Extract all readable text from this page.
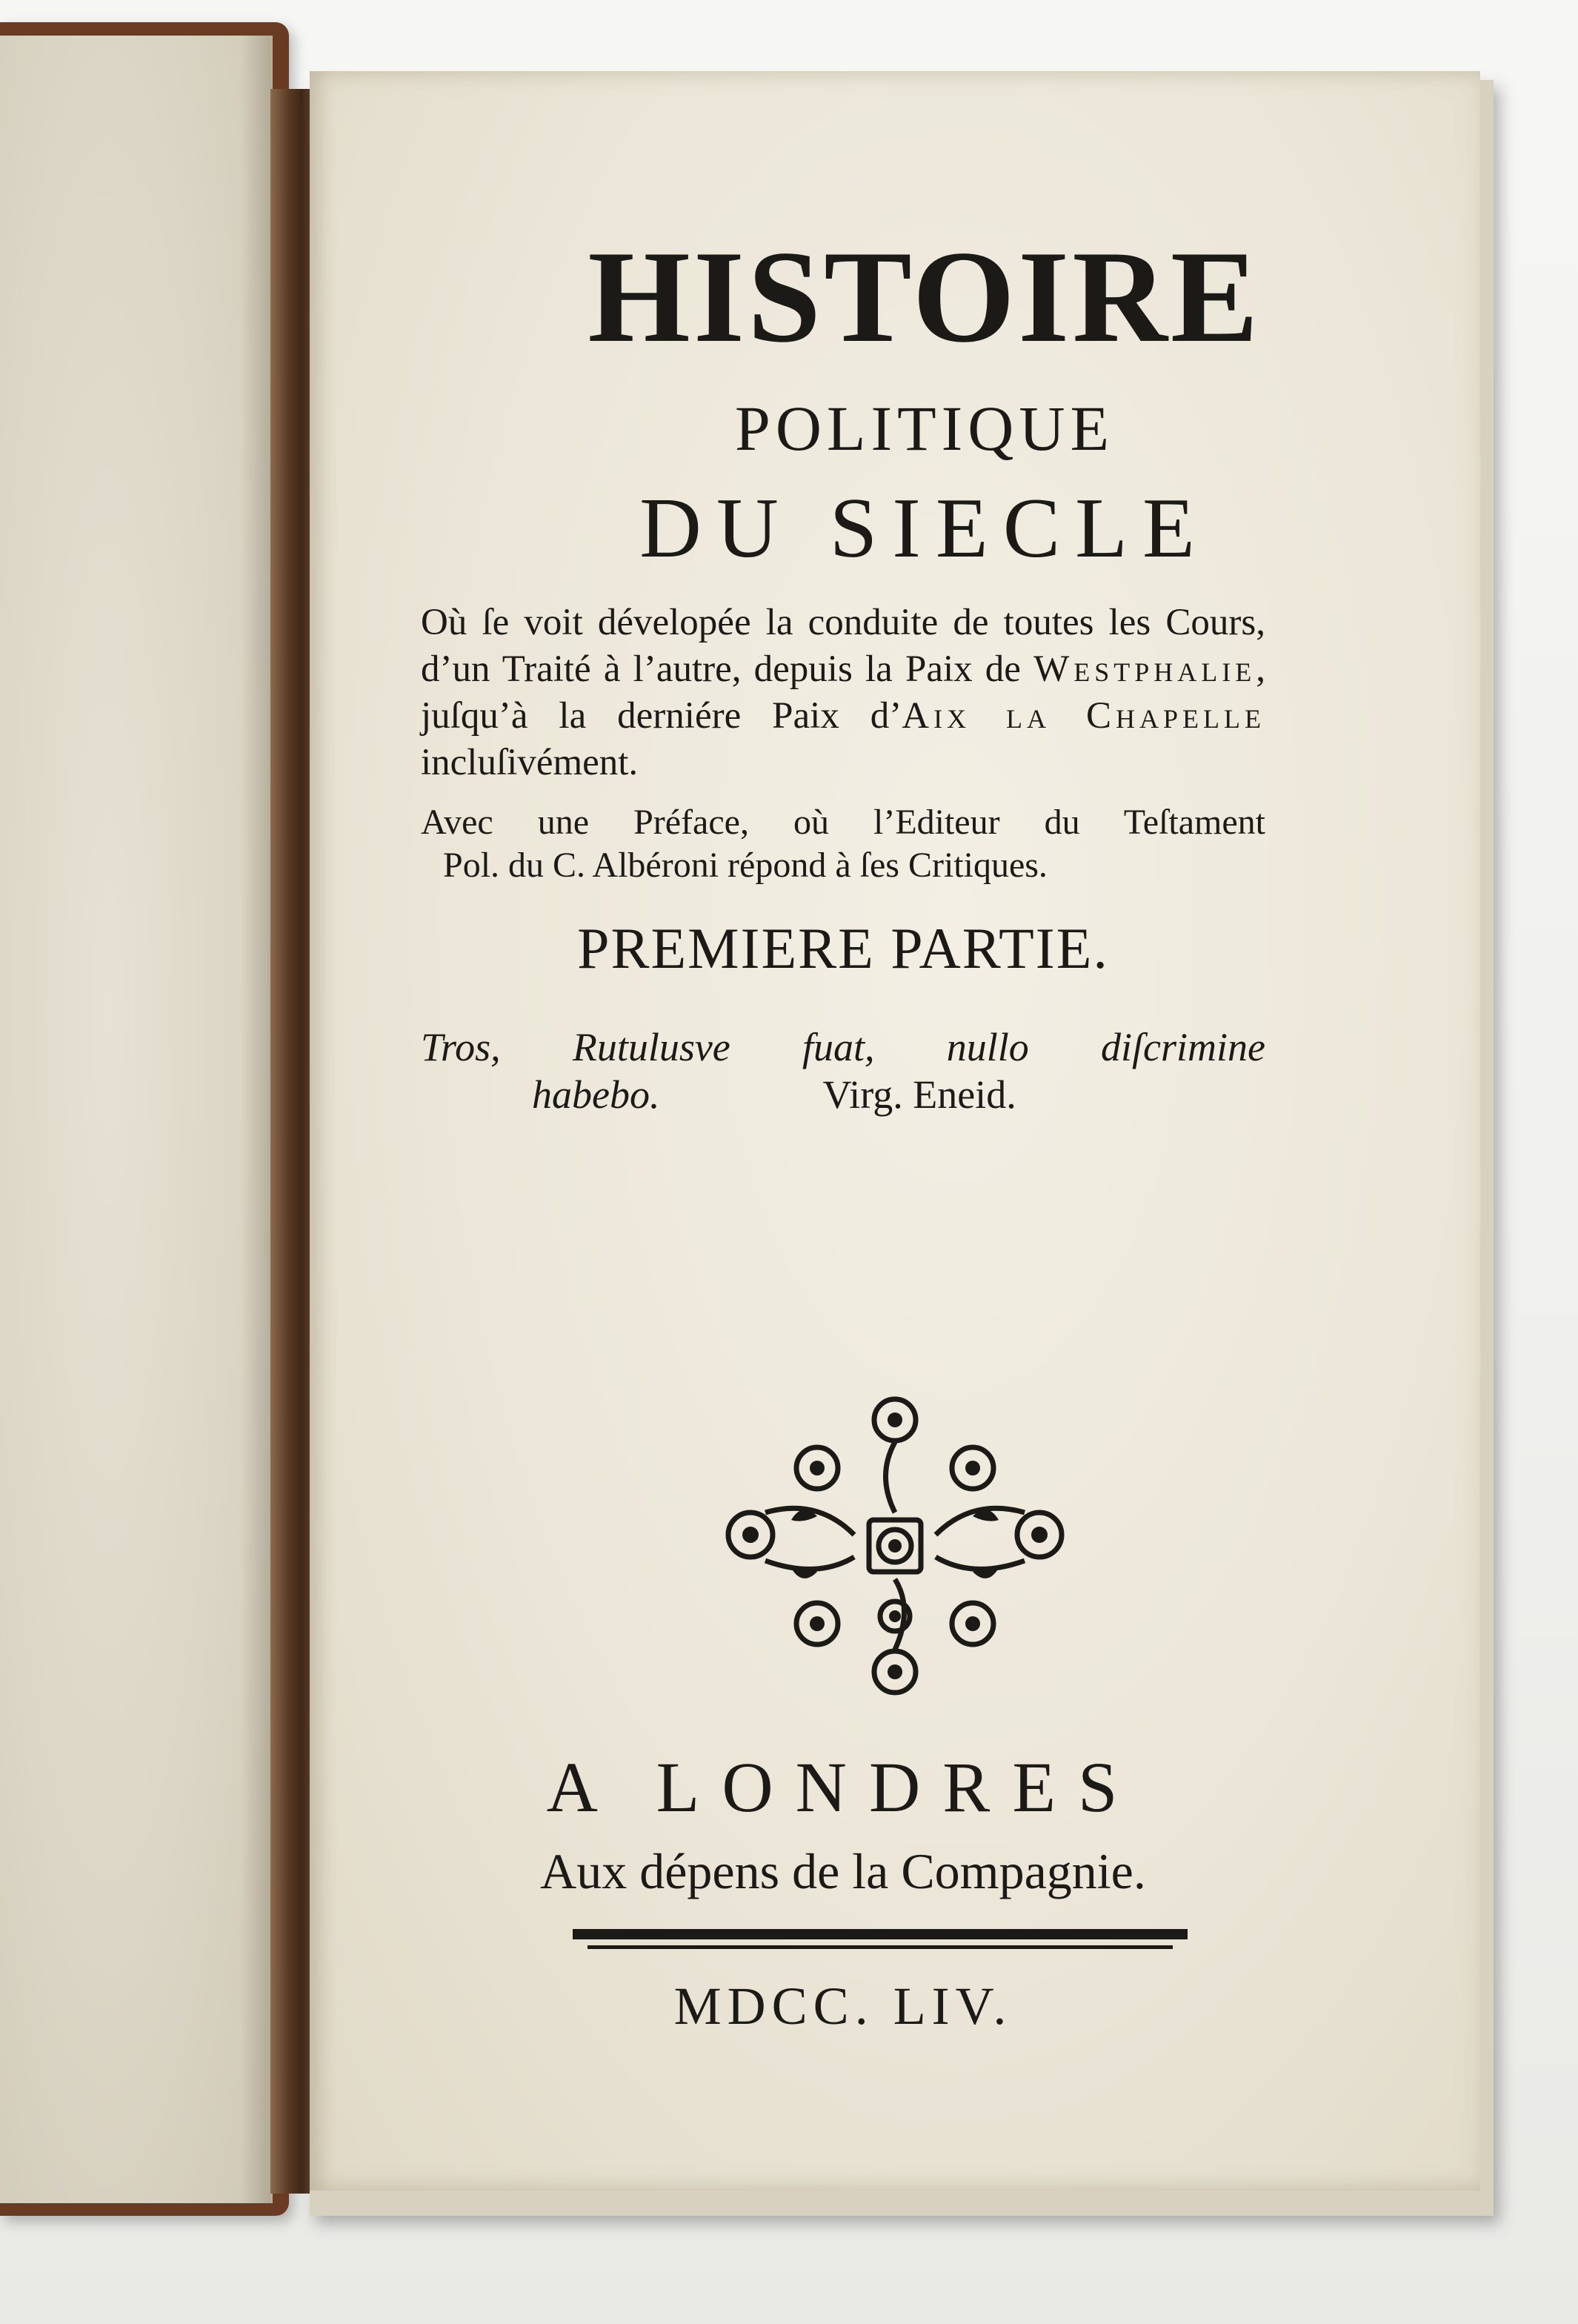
HISTOIRE
POLITIQUE
DU SIECLE
Où ſe voit dévelopée la conduite de toutes les Cours, d’un Traité à l’autre, depuis la Paix de Westphalie, juſqu’à la derniére Paix d’Aix la Chapelle incluſivément.
Avec une Préface, où l’Editeur du Teſtament
Pol. du C. Albéroni répond à ſes Critiques.
PREMIERE PARTIE.
Tros, Rutulusve fuat, nullo diſcrimine
habebo.	Virg. Eneid.
A LONDRES
Aux dépens de la Compagnie.
MDCC. LIV.
